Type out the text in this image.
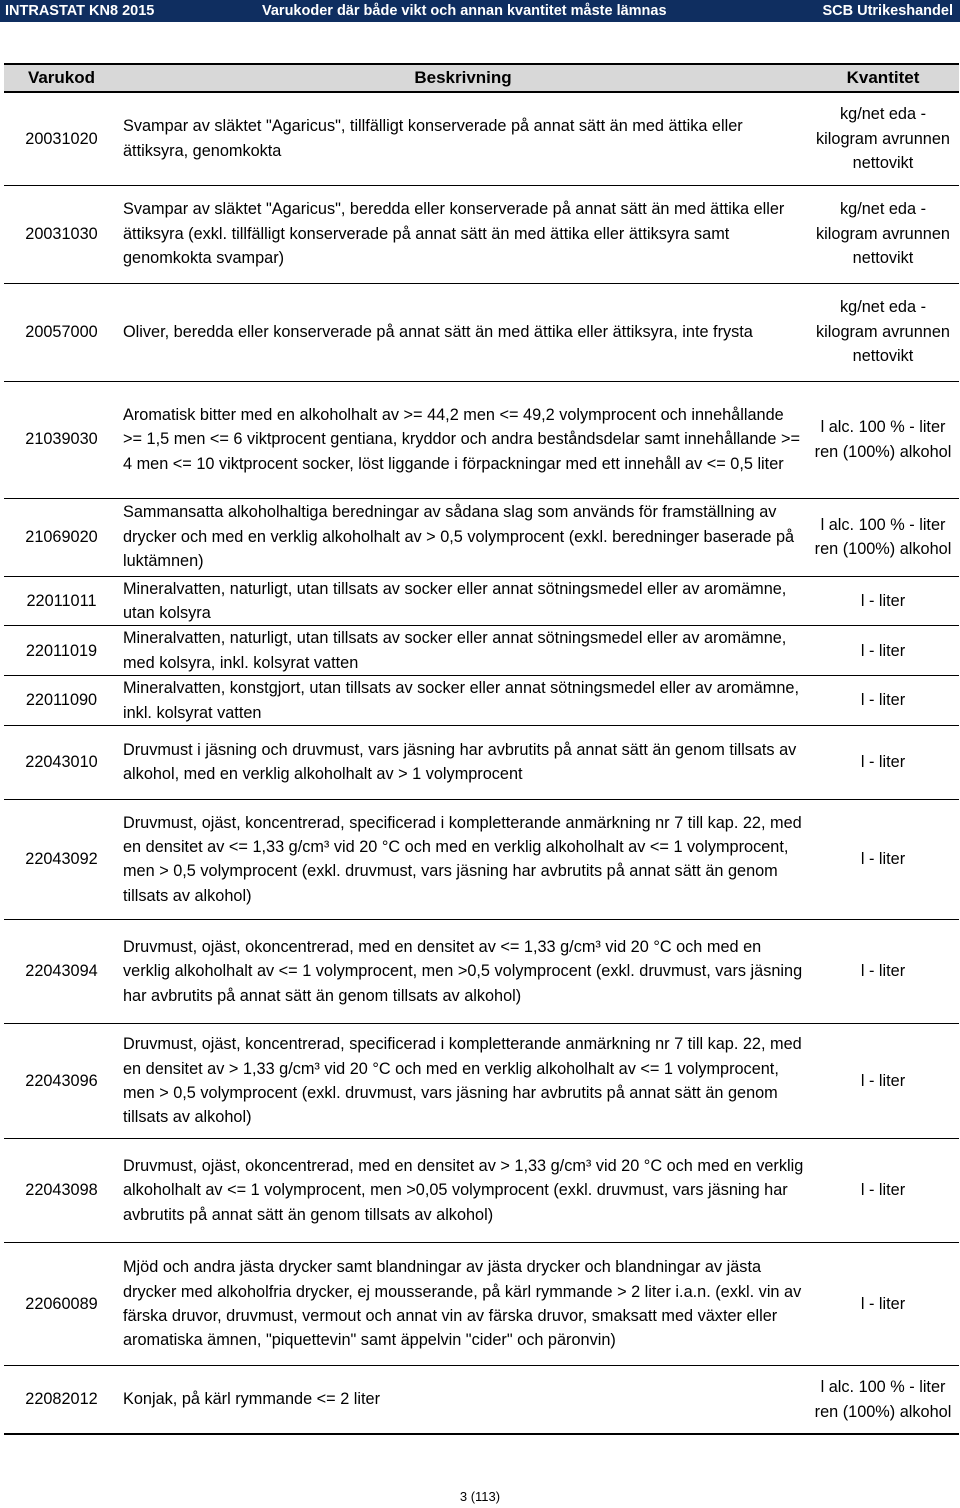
INTRASTAT KN8 2015	Varukoder där både vikt och annan kvantitet måste lämnas	SCB Utrikeshandel
Varukod	Beskrivning	Kvantitet
20031020	Svampar av släktet "Agaricus", tillfälligt konserverade på annat sätt än med ättika eller ättiksyra, genomkokta	kg/net eda - kilogram avrunnen nettovikt
20031030	Svampar av släktet "Agaricus", beredda eller konserverade på annat sätt än med ättika eller ättiksyra (exkl. tillfälligt konserverade på annat sätt än med ättika eller ättiksyra samt genomkokta svampar)	kg/net eda - kilogram avrunnen nettovikt
20057000	Oliver, beredda eller konserverade på annat sätt än med ättika eller ättiksyra, inte frysta	kg/net eda - kilogram avrunnen nettovikt
21039030	Aromatisk bitter med en alkoholhalt av >= 44,2 men <= 49,2 volymprocent och innehållande >= 1,5 men <= 6 viktprocent gentiana, kryddor och andra beståndsdelar samt innehållande >= 4 men <= 10 viktprocent socker, löst liggande i förpackningar med ett innehåll av <= 0,5 liter	l alc. 100 % - liter ren (100%) alkohol
21069020	Sammansatta alkoholhaltiga beredningar av sådana slag som används för framställning av drycker och med en verklig alkoholhalt av > 0,5 volymprocent (exkl. beredninger baserade på luktämnen)	l alc. 100 % - liter ren (100%) alkohol
22011011	Mineralvatten, naturligt, utan tillsats av socker eller annat sötningsmedel eller av aromämne, utan kolsyra	l - liter
22011019	Mineralvatten, naturligt, utan tillsats av socker eller annat sötningsmedel eller av aromämne, med kolsyra, inkl. kolsyrat vatten	l - liter
22011090	Mineralvatten, konstgjort, utan tillsats av socker eller annat sötningsmedel eller av aromämne, inkl. kolsyrat vatten	l - liter
22043010	Druvmust i jäsning och druvmust, vars jäsning har avbrutits på annat sätt än genom tillsats av alkohol, med en verklig alkoholhalt av > 1 volymprocent	l - liter
22043092	Druvmust, ojäst, koncentrerad, specificerad i kompletterande anmärkning nr 7 till kap. 22, med en densitet av <= 1,33 g/cm³ vid 20 °C och med en verklig alkoholhalt av <= 1 volymprocent, men > 0,5 volymprocent (exkl. druvmust, vars jäsning har avbrutits på annat sätt än genom tillsats av alkohol)	l - liter
22043094	Druvmust, ojäst, okoncentrerad, med en densitet av <= 1,33 g/cm³ vid 20 °C och med en verklig alkoholhalt av <= 1 volymprocent, men >0,5 volymprocent (exkl. druvmust, vars jäsning har avbrutits på annat sätt än genom tillsats av alkohol)	l - liter
22043096	Druvmust, ojäst, koncentrerad, specificerad i kompletterande anmärkning nr 7 till kap. 22, med en densitet av > 1,33 g/cm³ vid 20 °C och med en verklig alkoholhalt av <= 1 volymprocent, men > 0,5 volymprocent (exkl. druvmust, vars jäsning har avbrutits på annat sätt än genom tillsats av alkohol)	l - liter
22043098	Druvmust, ojäst, okoncentrerad, med en densitet av > 1,33 g/cm³ vid 20 °C och med en verklig alkoholhalt av <= 1 volymprocent, men >0,05 volymprocent (exkl. druvmust, vars jäsning har avbrutits på annat sätt än genom tillsats av alkohol)	l - liter
22060089	Mjöd och andra jästa drycker samt blandningar av jästa drycker och blandningar av jästa drycker med alkoholfria drycker, ej mousserande, på kärl rymmande > 2 liter i.a.n. (exkl. vin av färska druvor, druvmust, vermout och annat vin av färska druvor, smaksatt med växter eller aromatiska ämnen, "piquettevin" samt äppelvin "cider" och päronvin)	l - liter
22082012	Konjak, på kärl rymmande <= 2 liter	l alc. 100 % - liter ren (100%) alkohol
3 (113)
